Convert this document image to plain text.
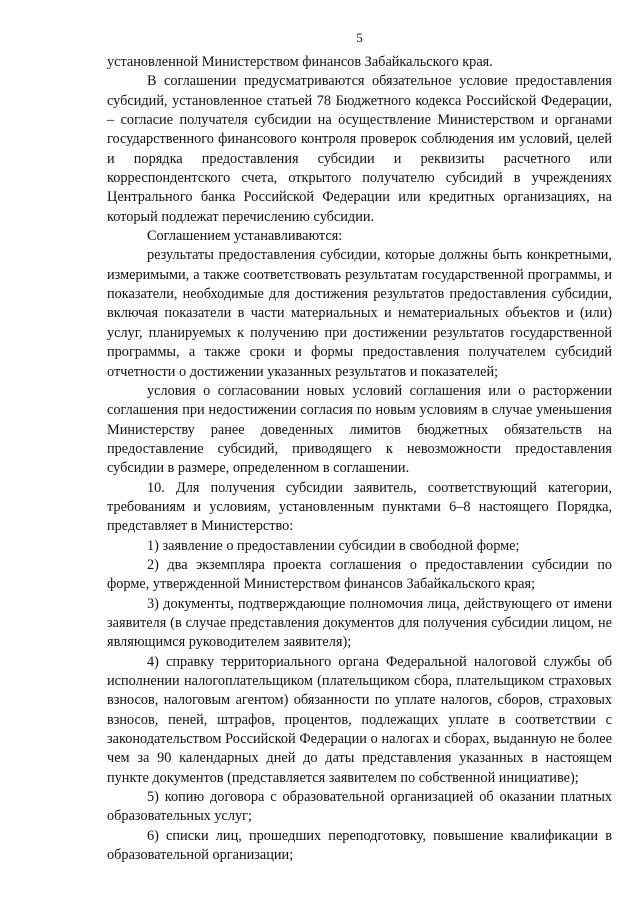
5

установленной Министерством финансов Забайкальского края.

В соглашении предусматриваются обязательное условие предоставления субсидий, установленное статьей 78 Бюджетного кодекса Российской Федерации, – согласие получателя субсидии на осуществление Министерством и органами государственного финансового контроля проверок соблюдения им условий, целей и порядка предоставления субсидии и реквизиты расчетного или корреспондентского счета, открытого получателю субсидий в учреждениях Центрального банка Российской Федерации или кредитных организациях, на который подлежат перечислению субсидии.

Соглашением устанавливаются:

результаты предоставления субсидии, которые должны быть конкретными, измеримыми, а также соответствовать результатам государственной программы, и показатели, необходимые для достижения результатов предоставления субсидии, включая показатели в части материальных и нематериальных объектов и (или) услуг, планируемых к получению при достижении результатов государственной программы, а также сроки и формы предоставления получателем субсидий отчетности о достижении указанных результатов и показателей;

условия о согласовании новых условий соглашения или о расторжении соглашения при недостижении согласия по новым условиям в случае уменьшения Министерству ранее доведенных лимитов бюджетных обязательств на предоставление субсидий, приводящего к невозможности предоставления субсидии в размере, определенном в соглашении.

10. Для получения субсидии заявитель, соответствующий категории, требованиям и условиям, установленным пунктами 6–8 настоящего Порядка, представляет в Министерство:

1) заявление о предоставлении субсидии в свободной форме;

2) два экземпляра проекта соглашения о предоставлении субсидии по форме, утвержденной Министерством финансов Забайкальского края;

3) документы, подтверждающие полномочия лица, действующего от имени заявителя (в случае представления документов для получения субсидии лицом, не являющимся руководителем заявителя);

4) справку территориального органа Федеральной налоговой службы об исполнении налогоплательщиком (плательщиком сбора, плательщиком страховых взносов, налоговым агентом) обязанности по уплате налогов, сборов, страховых взносов, пеней, штрафов, процентов, подлежащих уплате в соответствии с законодательством Российской Федерации о налогах и сборах, выданную не более чем за 90 календарных дней до даты представления указанных в настоящем пункте документов (представляется заявителем по собственной инициативе);

5) копию договора с образовательной организацией об оказании платных образовательных услуг;

6) списки лиц, прошедших переподготовку, повышение квалификации в образовательной организации;
